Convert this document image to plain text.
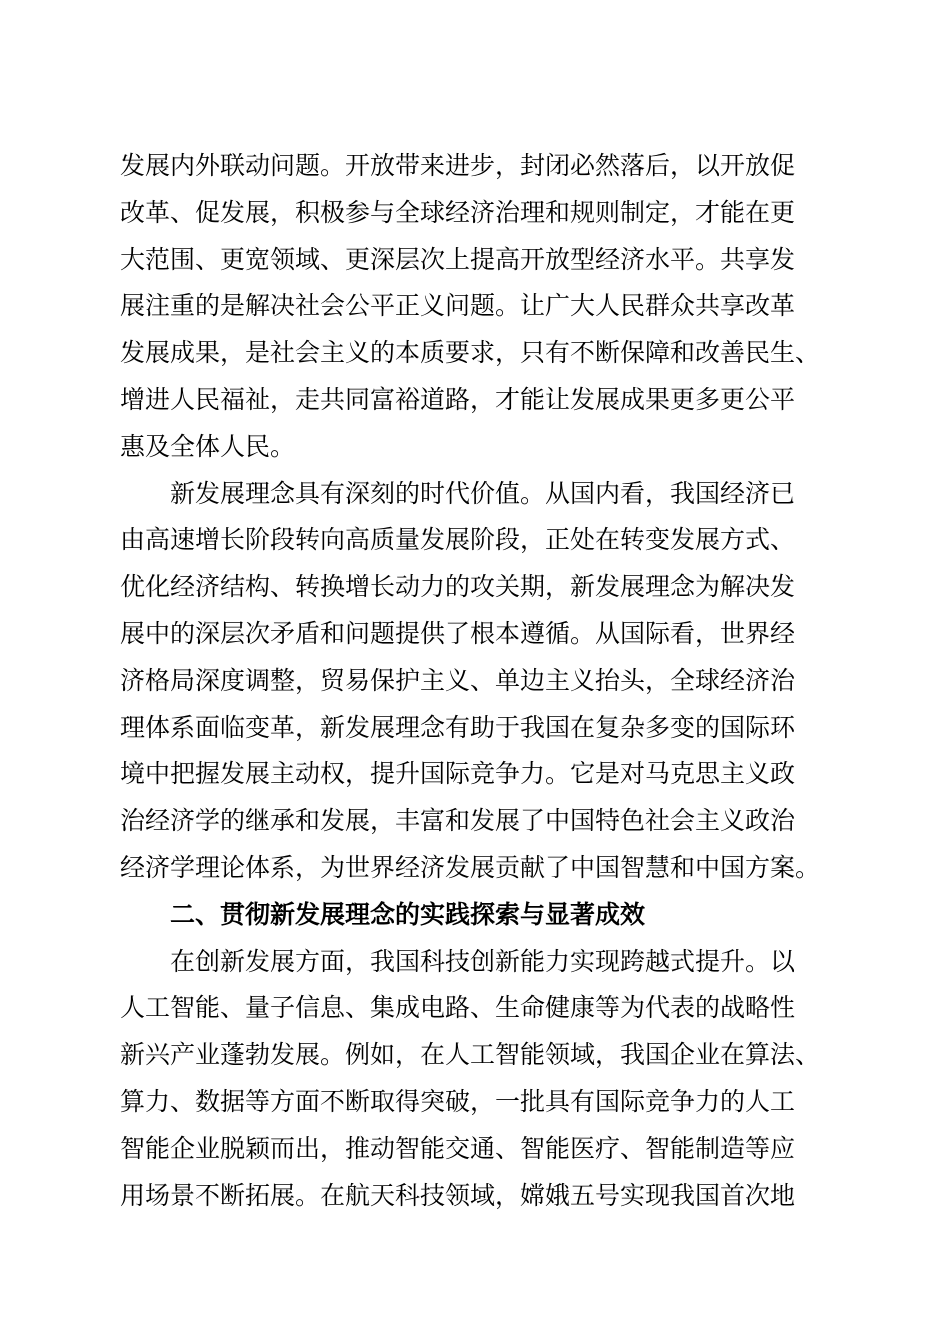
发展内外联动问题。开放带来进步，封闭必然落后，以开放促
改革、促发展，积极参与全球经济治理和规则制定，才能在更
大范围、更宽领域、更深层次上提高开放型经济水平。共享发
展注重的是解决社会公平正义问题。让广大人民群众共享改革
发展成果，是社会主义的本质要求，只有不断保障和改善民生、
增进人民福祉，走共同富裕道路，才能让发展成果更多更公平
惠及全体人民。
新发展理念具有深刻的时代价值。从国内看，我国经济已
由高速增长阶段转向高质量发展阶段，正处在转变发展方式、
优化经济结构、转换增长动力的攻关期，新发展理念为解决发
展中的深层次矛盾和问题提供了根本遵循。从国际看，世界经
济格局深度调整，贸易保护主义、单边主义抬头，全球经济治
理体系面临变革，新发展理念有助于我国在复杂多变的国际环
境中把握发展主动权，提升国际竞争力。它是对马克思主义政
治经济学的继承和发展，丰富和发展了中国特色社会主义政治
经济学理论体系，为世界经济发展贡献了中国智慧和中国方案。
二、贯彻新发展理念的实践探索与显著成效
在创新发展方面，我国科技创新能力实现跨越式提升。以
人工智能、量子信息、集成电路、生命健康等为代表的战略性
新兴产业蓬勃发展。例如，在人工智能领域，我国企业在算法、
算力、数据等方面不断取得突破，一批具有国际竞争力的人工
智能企业脱颖而出，推动智能交通、智能医疗、智能制造等应
用场景不断拓展。在航天科技领域，嫦娥五号实现我国首次地
